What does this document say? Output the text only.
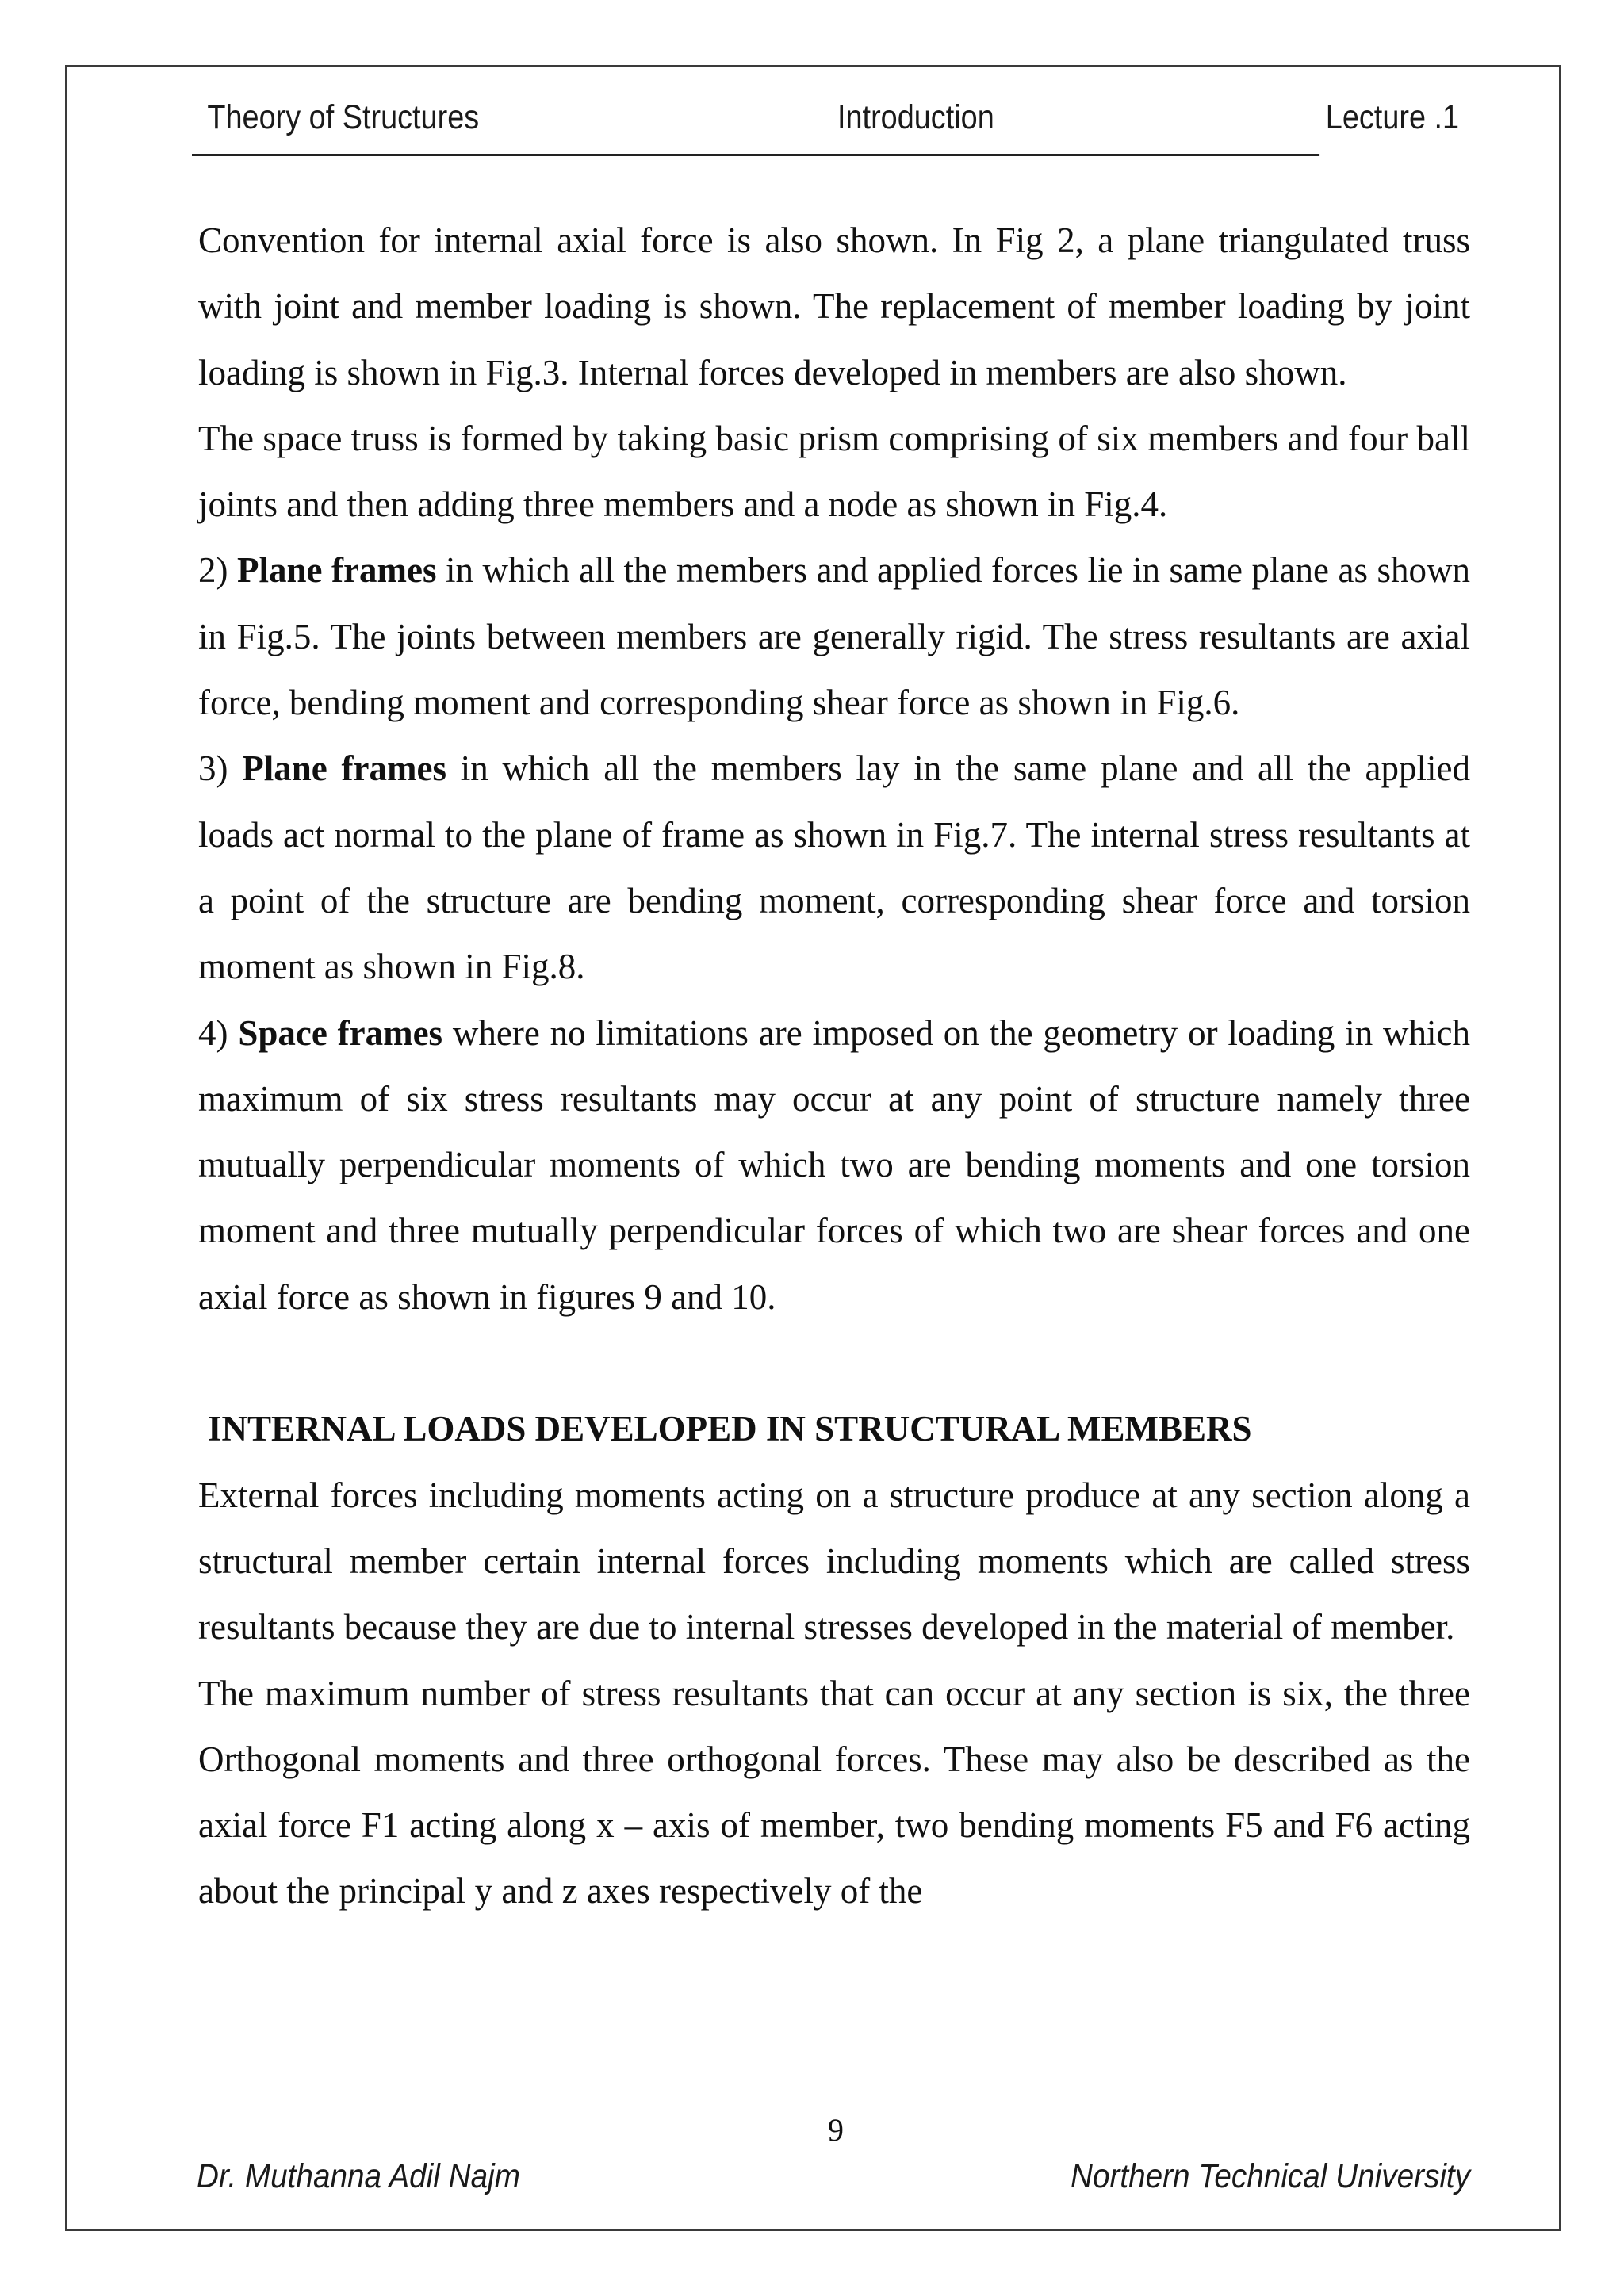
Theory of Structures	Introduction	Lecture .1

Convention for internal axial force is also shown. In Fig 2, a plane triangulated truss with joint and member loading is shown. The replacement of member loading by joint loading is shown in Fig.3. Internal forces developed in members are also shown.

The space truss is formed by taking basic prism comprising of six members and four ball joints and then adding three members and a node as shown in Fig.4.

2) Plane frames in which all the members and applied forces lie in same plane as shown in Fig.5. The joints between members are generally rigid. The stress resultants are axial force, bending moment and corresponding shear force as shown in Fig.6.

3) Plane frames in which all the members lay in the same plane and all the applied loads act normal to the plane of frame as shown in Fig.7. The internal stress resultants at a point of the structure are bending moment, corresponding shear force and torsion moment as shown in Fig.8.

4) Space frames where no limitations are imposed on the geometry or loading in which maximum of six stress resultants may occur at any point of structure namely three mutually perpendicular moments of which two are bending moments and one torsion moment and three mutually perpendicular forces of which two are shear forces and one axial force as shown in figures 9 and 10.

INTERNAL LOADS DEVELOPED IN STRUCTURAL MEMBERS

External forces including moments acting on a structure produce at any section along a structural member certain internal forces including moments which are called stress resultants because they are due to internal stresses developed in the material of member.

The maximum number of stress resultants that can occur at any section is six, the three Orthogonal moments and three orthogonal forces. These may also be described as the axial force F1 acting along x – axis of member, two bending moments F5 and F6 acting about the principal y and z axes respectively of the

9
Dr. Muthanna Adil Najm	Northern Technical University
